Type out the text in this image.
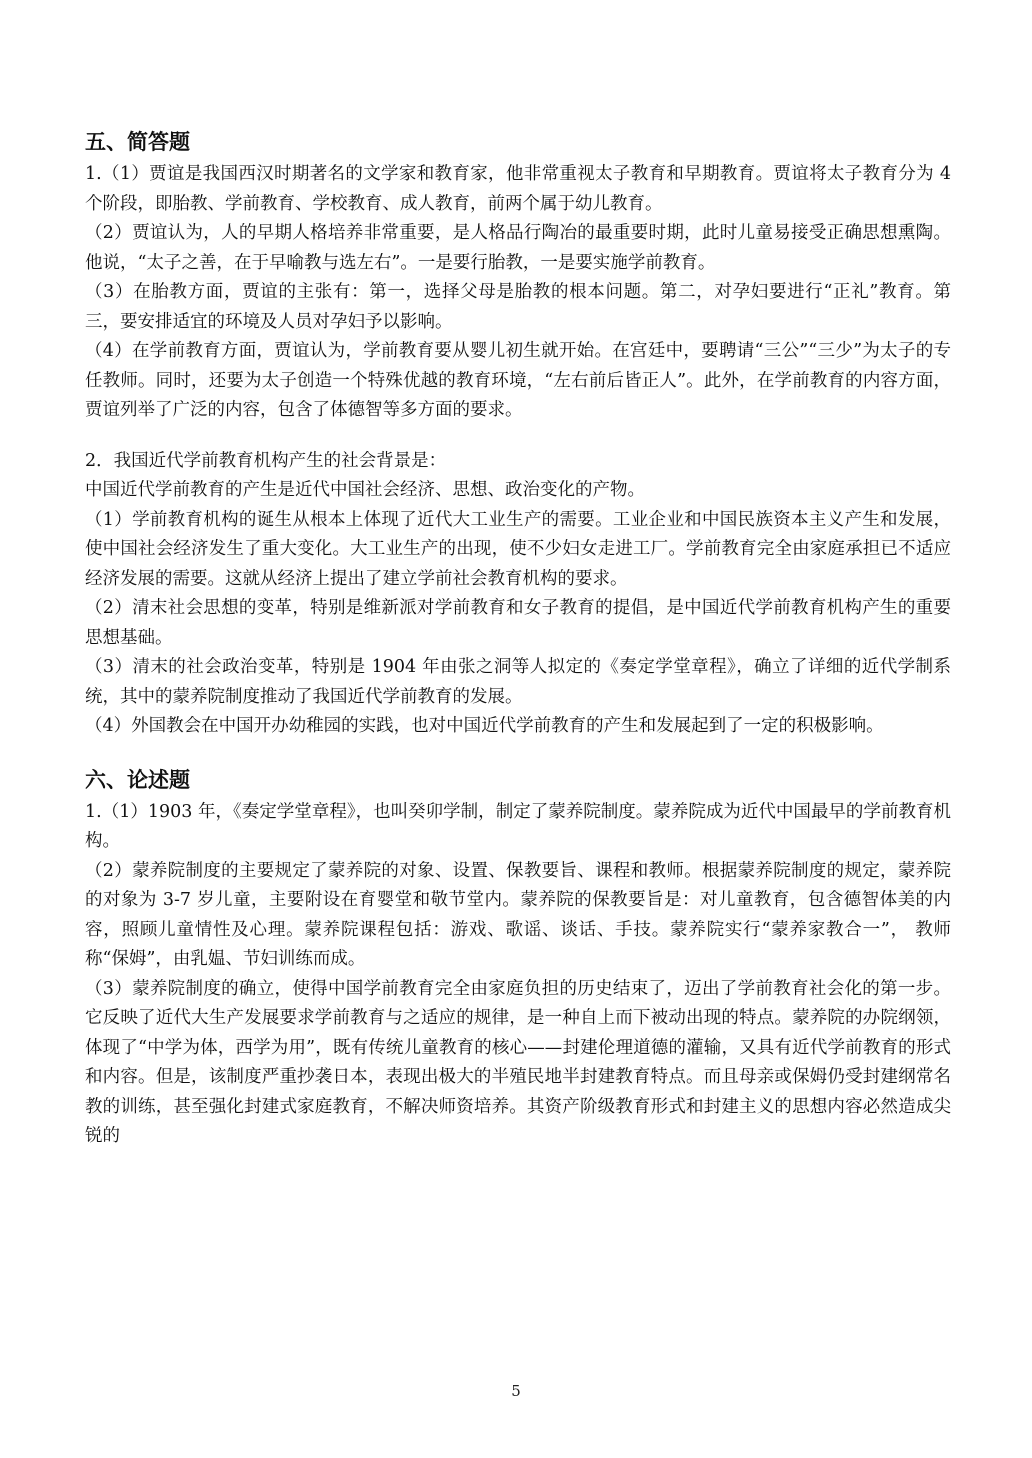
五、简答题

1.（1）贾谊是我国西汉时期著名的文学家和教育家，他非常重视太子教育和早期教育。贾谊将太子教育分为 4 个阶段，即胎教、学前教育、学校教育、成人教育，前两个属于幼儿教育。

（2）贾谊认为，人的早期人格培养非常重要，是人格品行陶冶的最重要时期，此时儿童易接受正确思想熏陶。他说，“太子之善，在于早喻教与选左右”。一是要行胎教，一是要实施学前教育。

（3）在胎教方面，贾谊的主张有：第一，选择父母是胎教的根本问题。第二，对孕妇要进行“正礼”教育。第三，要安排适宜的环境及人员对孕妇予以影响。

（4）在学前教育方面，贾谊认为，学前教育要从婴儿初生就开始。在宫廷中，要聘请“三公”“三少”为太子的专任教师。同时，还要为太子创造一个特殊优越的教育环境，“左右前后皆正人”。此外，在学前教育的内容方面，贾谊列举了广泛的内容，包含了体德智等多方面的要求。

2．我国近代学前教育机构产生的社会背景是：

中国近代学前教育的产生是近代中国社会经济、思想、政治变化的产物。

（1）学前教育机构的诞生从根本上体现了近代大工业生产的需要。工业企业和中国民族资本主义产生和发展，使中国社会经济发生了重大变化。大工业生产的出现，使不少妇女走进工厂。学前教育完全由家庭承担已不适应经济发展的需要。这就从经济上提出了建立学前社会教育机构的要求。

（2）清末社会思想的变革，特别是维新派对学前教育和女子教育的提倡，是中国近代学前教育机构产生的重要思想基础。

（3）清末的社会政治变革，特别是 1904 年由张之洞等人拟定的《奏定学堂章程》，确立了详细的近代学制系统，其中的蒙养院制度推动了我国近代学前教育的发展。

（4）外国教会在中国开办幼稚园的实践，也对中国近代学前教育的产生和发展起到了一定的积极影响。

六、论述题

1.（1）1903 年，《奏定学堂章程》，也叫癸卯学制，制定了蒙养院制度。蒙养院成为近代中国最早的学前教育机构。

（2）蒙养院制度的主要规定了蒙养院的对象、设置、保教要旨、课程和教师。根据蒙养院制度的规定，蒙养院的对象为 3-7 岁儿童，主要附设在育婴堂和敬节堂内。蒙养院的保教要旨是：对儿童教育，包含德智体美的内容，照顾儿童情性及心理。蒙养院课程包括：游戏、歌谣、谈话、手技。蒙养院实行“蒙养家教合一”， 教师称“保姆”，由乳媪、节妇训练而成。

（3）蒙养院制度的确立，使得中国学前教育完全由家庭负担的历史结束了，迈出了学前教育社会化的第一步。它反映了近代大生产发展要求学前教育与之适应的规律，是一种自上而下被动出现的特点。蒙养院的办院纲领，体现了“中学为体，西学为用”，既有传统儿童教育的核心——封建伦理道德的灌输，又具有近代学前教育的形式和内容。但是，该制度严重抄袭日本，表现出极大的半殖民地半封建教育特点。而且母亲或保姆仍受封建纲常名教的训练，甚至强化封建式家庭教育，不解决师资培养。其资产阶级教育形式和封建主义的思想内容必然造成尖锐的

5
